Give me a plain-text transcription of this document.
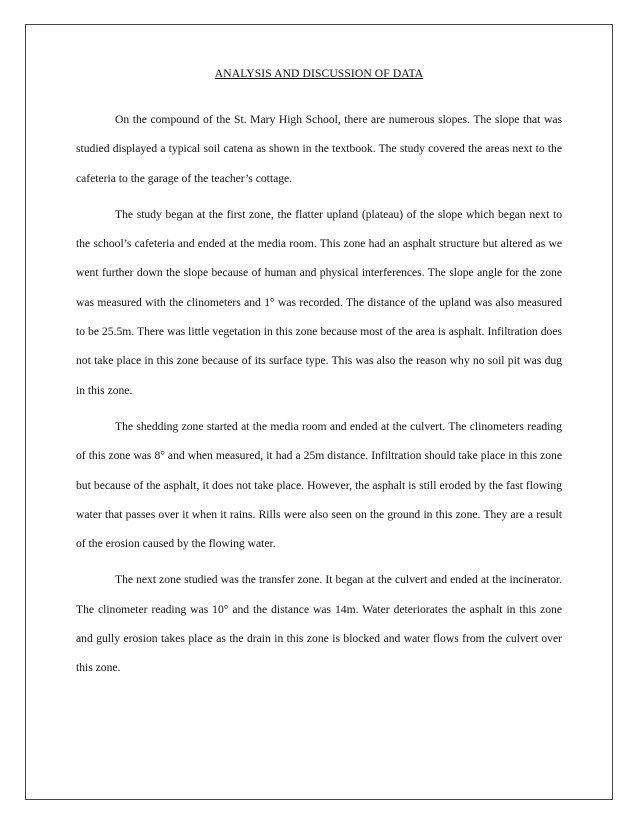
ANALYSIS AND DISCUSSION OF DATA

On the compound of the St. Mary High School, there are numerous slopes. The slope that was studied displayed a typical soil catena as shown in the textbook. The study covered the areas next to the cafeteria to the garage of the teacher’s cottage.

The study began at the first zone, the flatter upland (plateau) of the slope which began next to the school’s cafeteria and ended at the media room. This zone had an asphalt structure but altered as we went further down the slope because of human and physical interferences. The slope angle for the zone was measured with the clinometers and 1° was recorded. The distance of the upland was also measured to be 25.5m. There was little vegetation in this zone because most of the area is asphalt. Infiltration does not take place in this zone because of its surface type. This was also the reason why no soil pit was dug in this zone.

The shedding zone started at the media room and ended at the culvert. The clinometers reading of this zone was 8° and when measured, it had a 25m distance. Infiltration should take place in this zone but because of the asphalt, it does not take place. However, the asphalt is still eroded by the fast flowing water that passes over it when it rains. Rills were also seen on the ground in this zone. They are a result of the erosion caused by the flowing water.

The next zone studied was the transfer zone. It began at the culvert and ended at the incinerator. The clinometer reading was 10° and the distance was 14m. Water deteriorates the asphalt in this zone and gully erosion takes place as the drain in this zone is blocked and water flows from the culvert over this zone.
